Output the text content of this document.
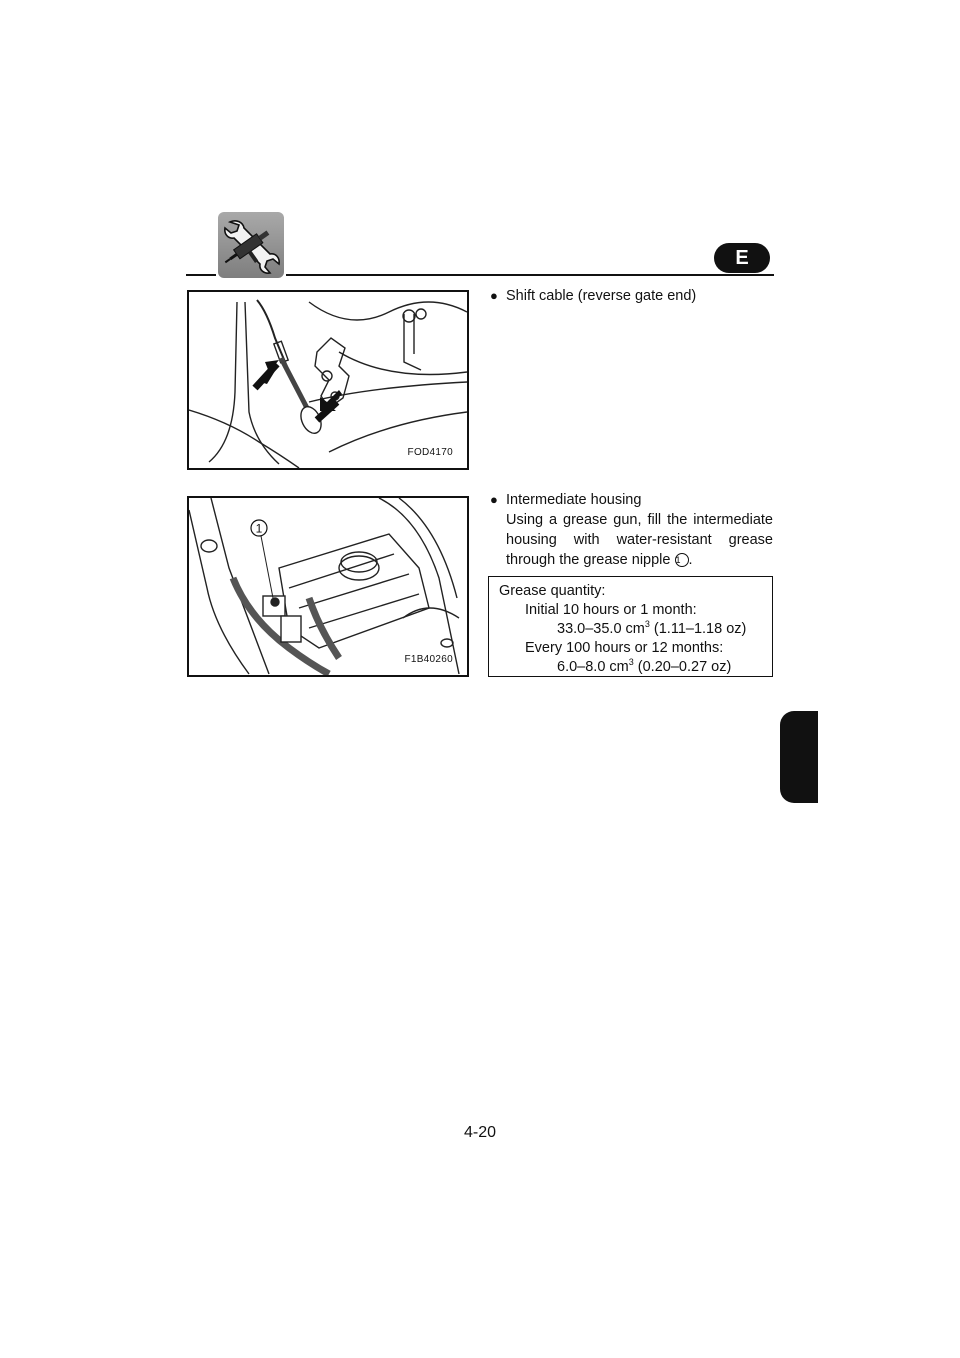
E
FOD4170
1
F1B40260
● Shift cable (reverse gate end)
● Intermediate housing
Using a grease gun, fill the intermediate housing with water-resistant grease through the grease nipple 1 .
Grease quantity:
Initial 10 hours or 1 month:
33.0–35.0 $cm^3$ (1.11–1.18 oz)
Every 100 hours or 12 months:
6.0–8.0 $cm^3$ (0.20–0.27 oz)
4-20
